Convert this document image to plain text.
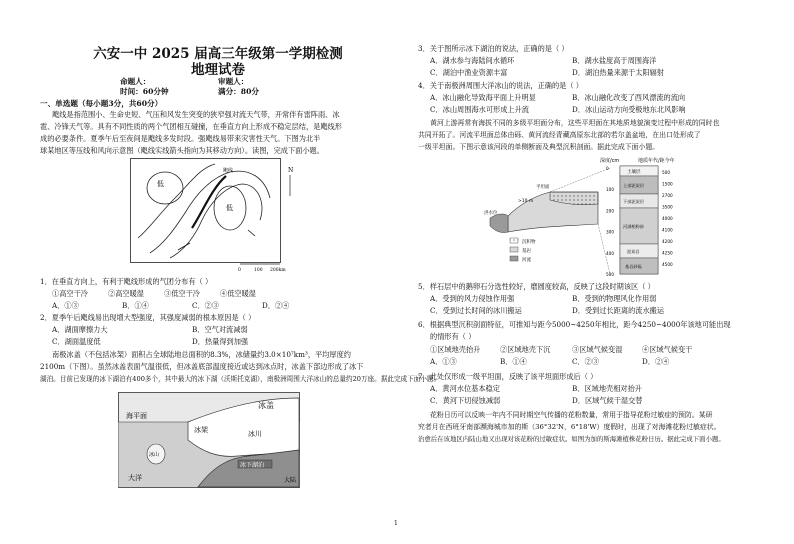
六安一中 2025 届高三年级第一学期检测
地理试卷
命题人：	审题人：
时间：60分钟	满分：80分
一、单选题（每小题3分，共60分）
飑线是指范围小、生命史短、气压和风发生突变的狭窄强对流天气带，开常伴有雷阵雨、冰
雹、冷锋天气等。具有不同性质的两个气团相互碰撞，在垂直方向上形成不稳定层结，是飑线形
成的必要条件。夏季午后至夜间是飑线多发时段。强飑线易带来灾害性天气。下图为北半
球某地区等压线和风向示意图（飑线实线箭头指向为其移动方向）。读图，完成下面小题。
低
低
飑线	N
0	100 200km
1．在垂直方向上，有利于飑线形成的气团分布有（ ）
①高空干冷	②高空暖湿	③低空干冷	④低空暖湿
A．①③	B．①④	C．②③	D．②④
2．夏季午后飑线易出现增大型强度，其强度减弱的根本原因是（ ）
A．湖面摩擦力大	B．空气对流减弱
C．湖面温度低	D．热量得到加强
南极冰盖（不包括冰架）面积占全球陆地总面积的8.3%，冰储量约3.0×10⁷km³，平均厚度约
2100m（下图）。虽然冰盖表面气温很低，但冰盖底部温度接近或达到冰点时，冰盖下部边形成了冰下
湖泊。目前已发现的冰下湖泊有400多个，其中最大的冰下湖（沃斯托克湖），南极洲周围大洋冰山的总量约20万座。据此完成下面小题。
冰盖
海平面
冰架
冰山
冰川
冰下湖泊
大洋	大陆
3．关于图所示冰下湖泊的说法，正确的是（ ）
A．湖水参与海陆间水循环	B．湖水盐度高于周围海洋
C．湖泊中渔业资源丰富	D．湖泊热量来源于太阳辐射
4．关于南极洲周围大洋冰山的说法，正确的是（ ）
A．冰山融化导致海平面上升明显	B．冰山融化改变了西风漂流的流向
C．冰山周围海水可形成上升流	D．冰山运动方向受极地东北风影响
黄河上游再常有海拔不同的多级平坦面分布，这些平坦面在其地质地貌演变过程中形成的同时也
共同开拓了。河流平坦面总体由砾、黄河流经青藏高原东北部的若尔盖盆地，在出口处形成了
一级平坦面。下图示意该河段的单侧断面及典型沉积剖面。据此完成下面小题。
深度/cm	地质年代/距今年
平坦面
>10 m
洪水位
沉积物
基岩
河流
土壤层
上部泥炭层
下部泥炭层
河湖相粉砂
泥炭岩
基岩砂砾
0
100
200
300
400
500
500
1500
2700
3500
4000
4100
4200
4250
4500
5．样石层中的鹅卵石分选性较好，磨圆度较高，反映了这段时期该区（ ）
A．受到的风力侵蚀作用强	B．受到的物理风化作用弱
C．受到过长时间的冰川搬运	D．受到过长距离的流水搬运
6．根据典型沉积剖面特征，可推知与距今5000~4250年相比，距今4250~4000年该地可能出现
的情形有（ ）
①区域地壳抬升	②区域地壳下沉	③区域气候变湿	④区域气候变干
A．①③	B．①④	C．②③	D．②④
7．此处仅形成一级平坦面，反映了该平坦面形成后（ ）
A．黄河水位基本稳定	B．区域地壳相对抬升
C．黄河下切侵蚀减弱	D．区域气候干湿交替
花粉日历可以反映一年内不同时期空气传播的花粉数量，常用于指导花粉过敏症的预防。某研
究者月在西班牙南部濒海城市加的斯（36°32'N，6°18'W）度假时，出现了对海滩花粉过敏症状。
治愈后在该地区内陆山地又出现对该花粉的过敏症状。如图为加的斯海滩植株花粉日历。据此完成下面小题。
1
